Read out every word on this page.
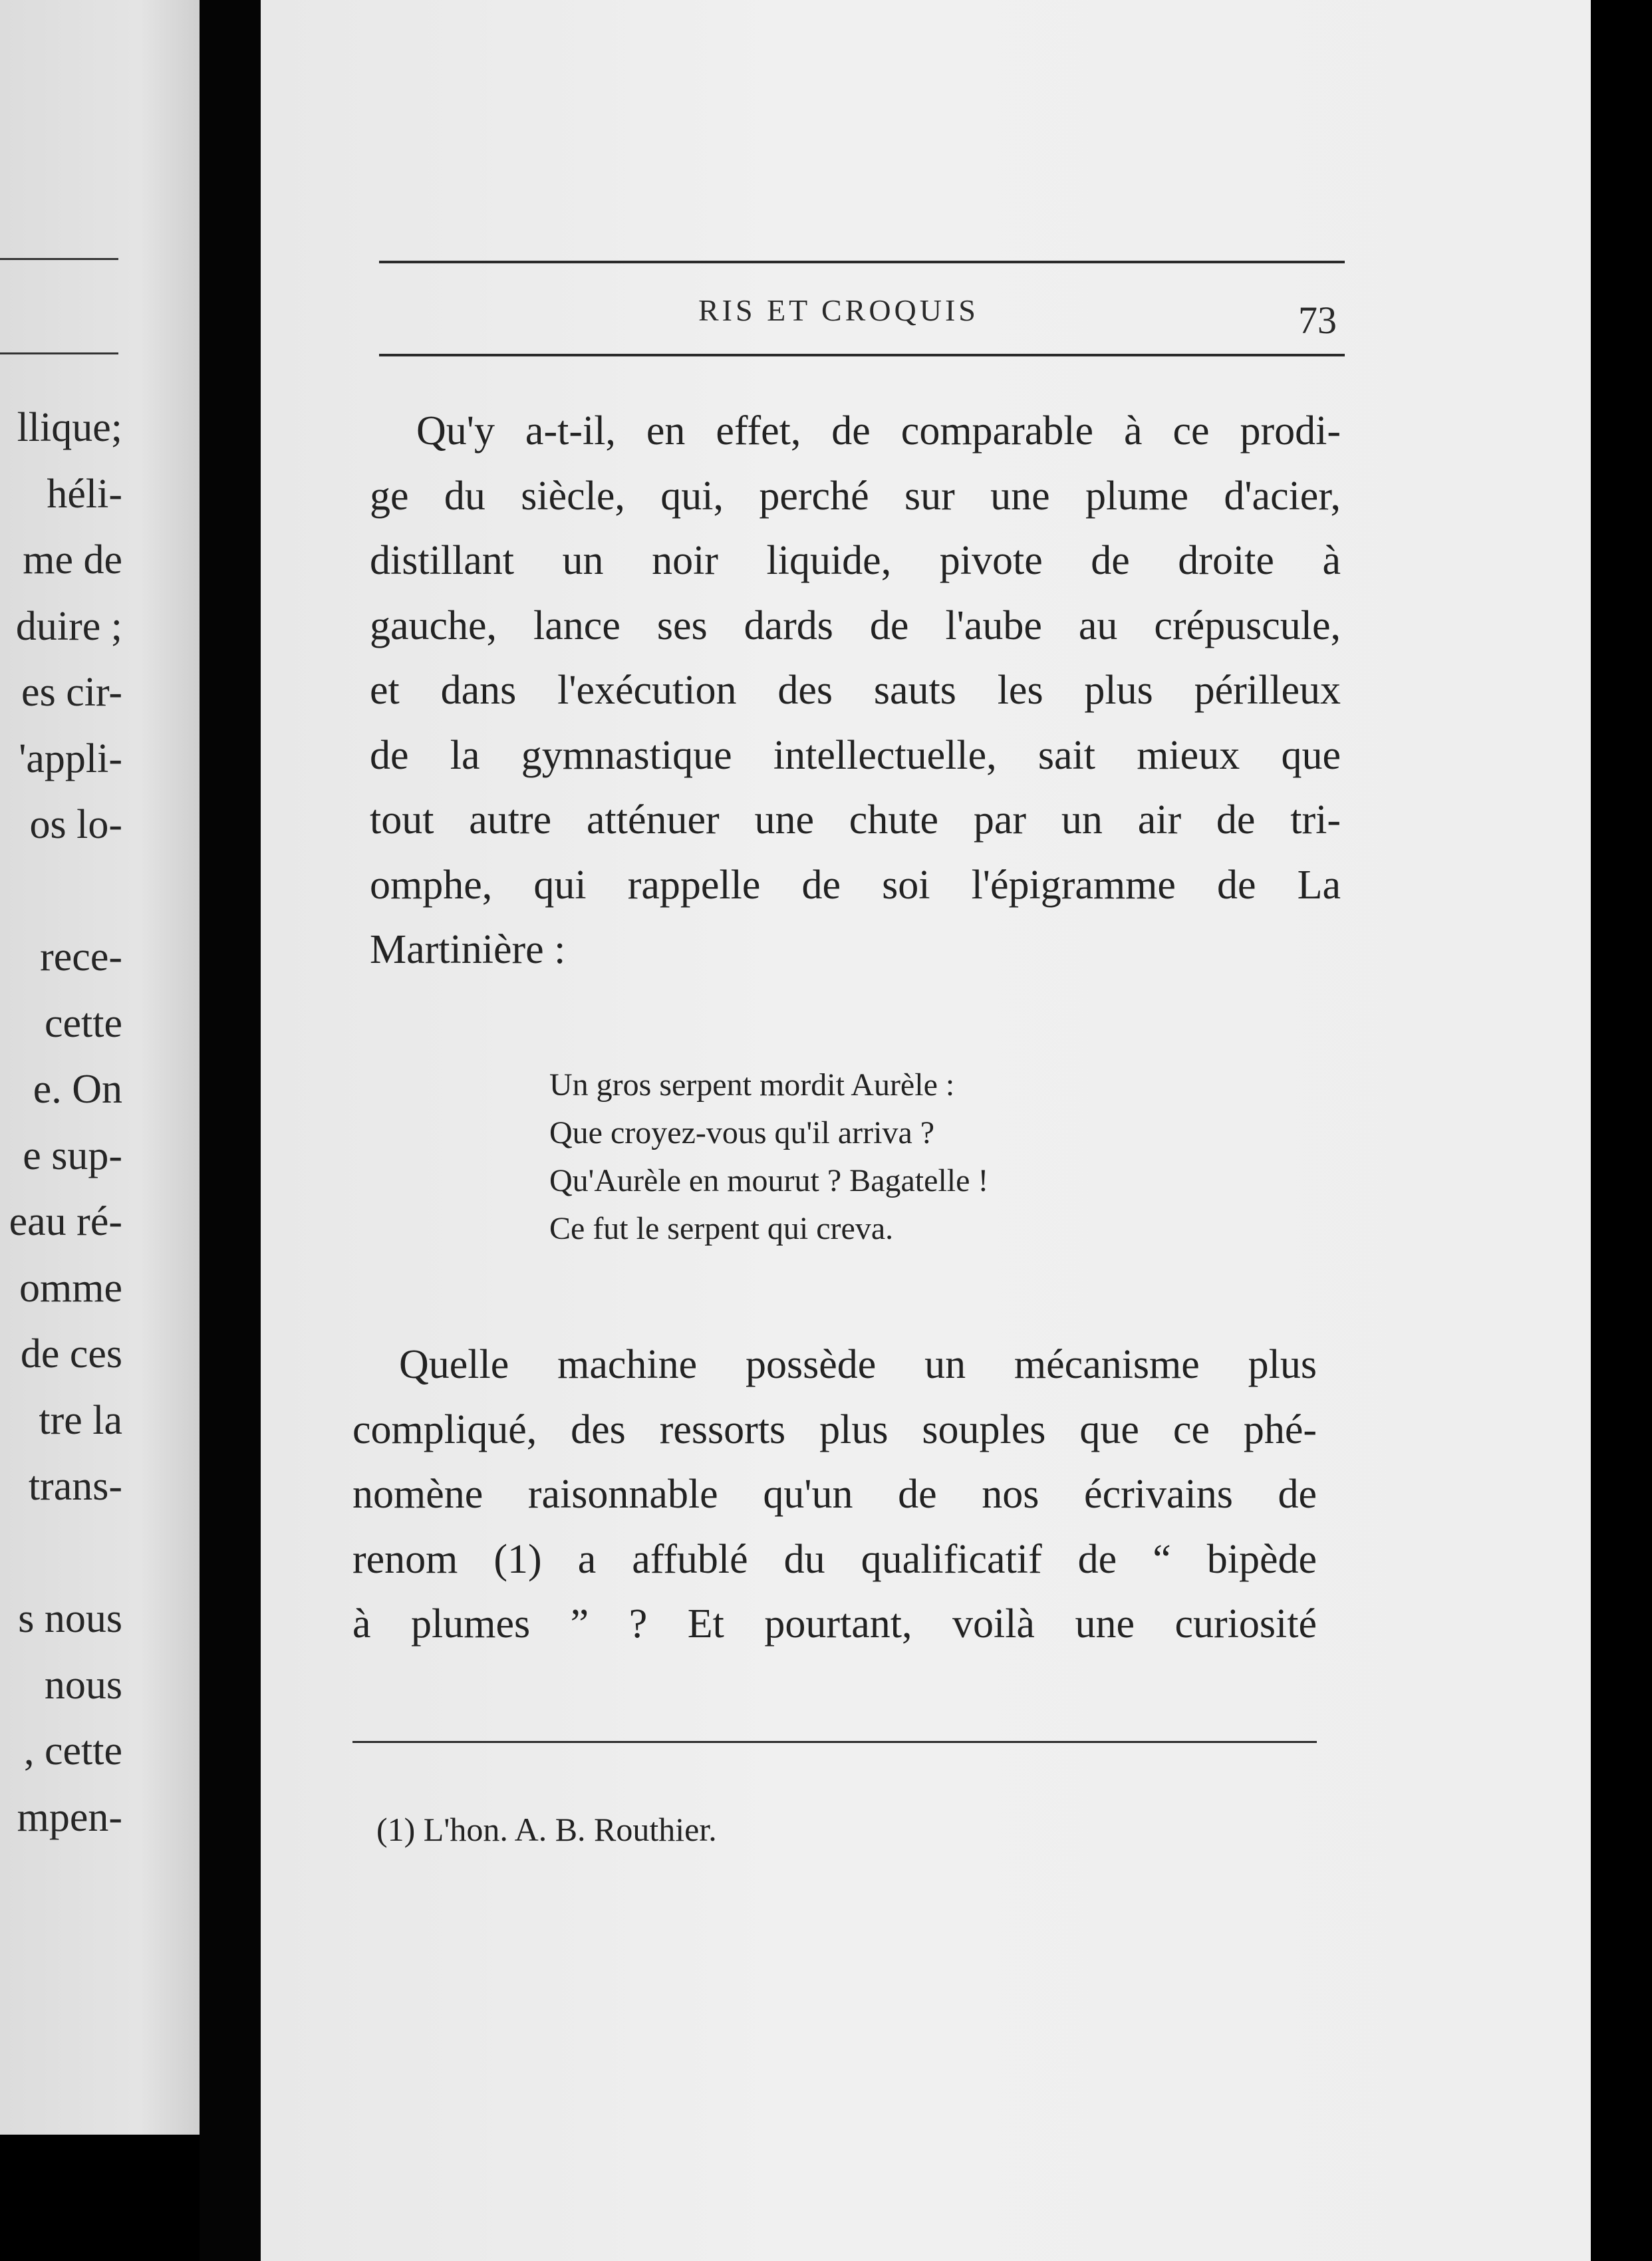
llique;
héli-
me de
duire ;
es cir-
'appli-
os lo-
rece-
cette
e. On
e sup-
eau ré-
omme
de ces
tre la
trans-
s nous
nous
, cette
mpen-
RIS ET CROQUIS	73
Qu'y a-t-il, en effet, de comparable à ce prodi-
ge du siècle, qui, perché sur une plume d'acier,
distillant un noir liquide, pivote de droite à
gauche, lance ses dards de l'aube au crépuscule,
et dans l'exécution des sauts les plus périlleux
de la gymnastique intellectuelle, sait mieux que
tout autre atténuer une chute par un air de tri-
omphe, qui rappelle de soi l'épigramme de La
Martinière :
Un gros serpent mordit Aurèle :
Que croyez-vous qu'il arriva ?
Qu'Aurèle en mourut ? Bagatelle !
Ce fut le serpent qui creva.
Quelle machine possède un mécanisme plus
compliqué, des ressorts plus souples que ce phé-
nomène raisonnable qu'un de nos écrivains de
renom (1) a affublé du qualificatif de “ bipède
à plumes ” ? Et pourtant, voilà une curiosité
(1) L'hon. A. B. Routhier.
